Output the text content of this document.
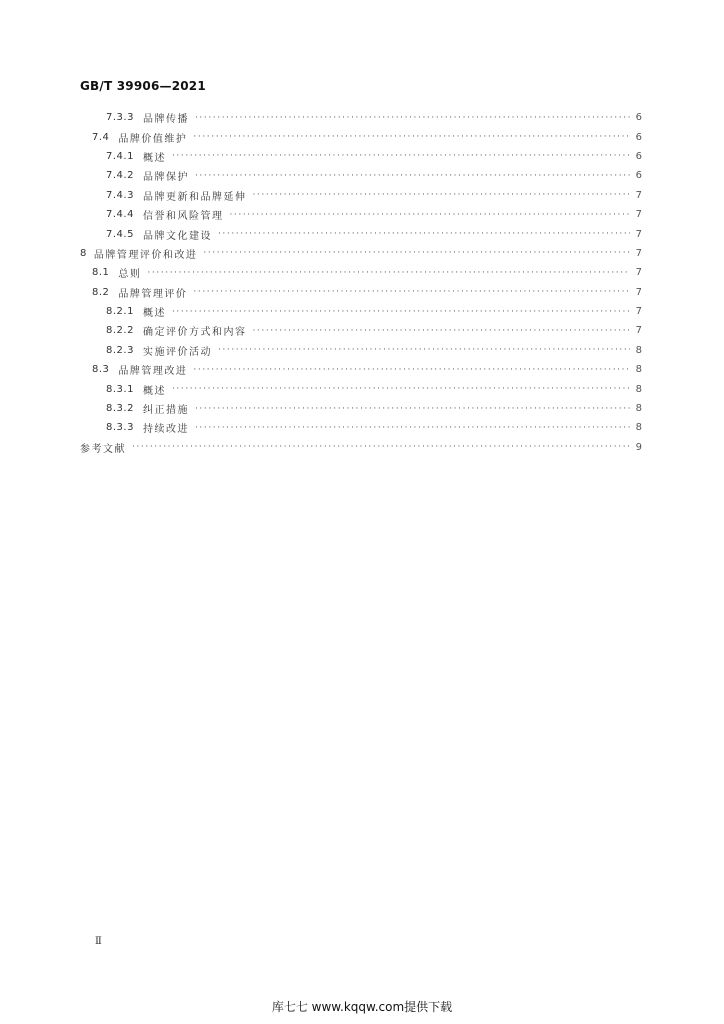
GB/T 39906—2021
7.3.3 品牌传播 ·····	6
7.4 品牌价值维护 ·····	6
7.4.1 概述 ·····	6
7.4.2 品牌保护 ·····	6
7.4.3 品牌更新和品牌延伸 ·····	7
7.4.4 信誉和风险管理 ·····	7
7.4.5 品牌文化建设 ·····	7
8 品牌管理评价和改进 ·····	7
8.1 总则 ·····	7
8.2 品牌管理评价 ·····	7
8.2.1 概述 ·····	7
8.2.2 确定评价方式和内容 ·····	7
8.2.3 实施评价活动 ·····	8
8.3 品牌管理改进 ·····	8
8.3.1 概述 ·····	8
8.3.2 纠正措施 ·····	8
8.3.3 持续改进 ·····	8
参考文献 ·····	9
Ⅱ
库七七 www.kqqw.com提供下载
